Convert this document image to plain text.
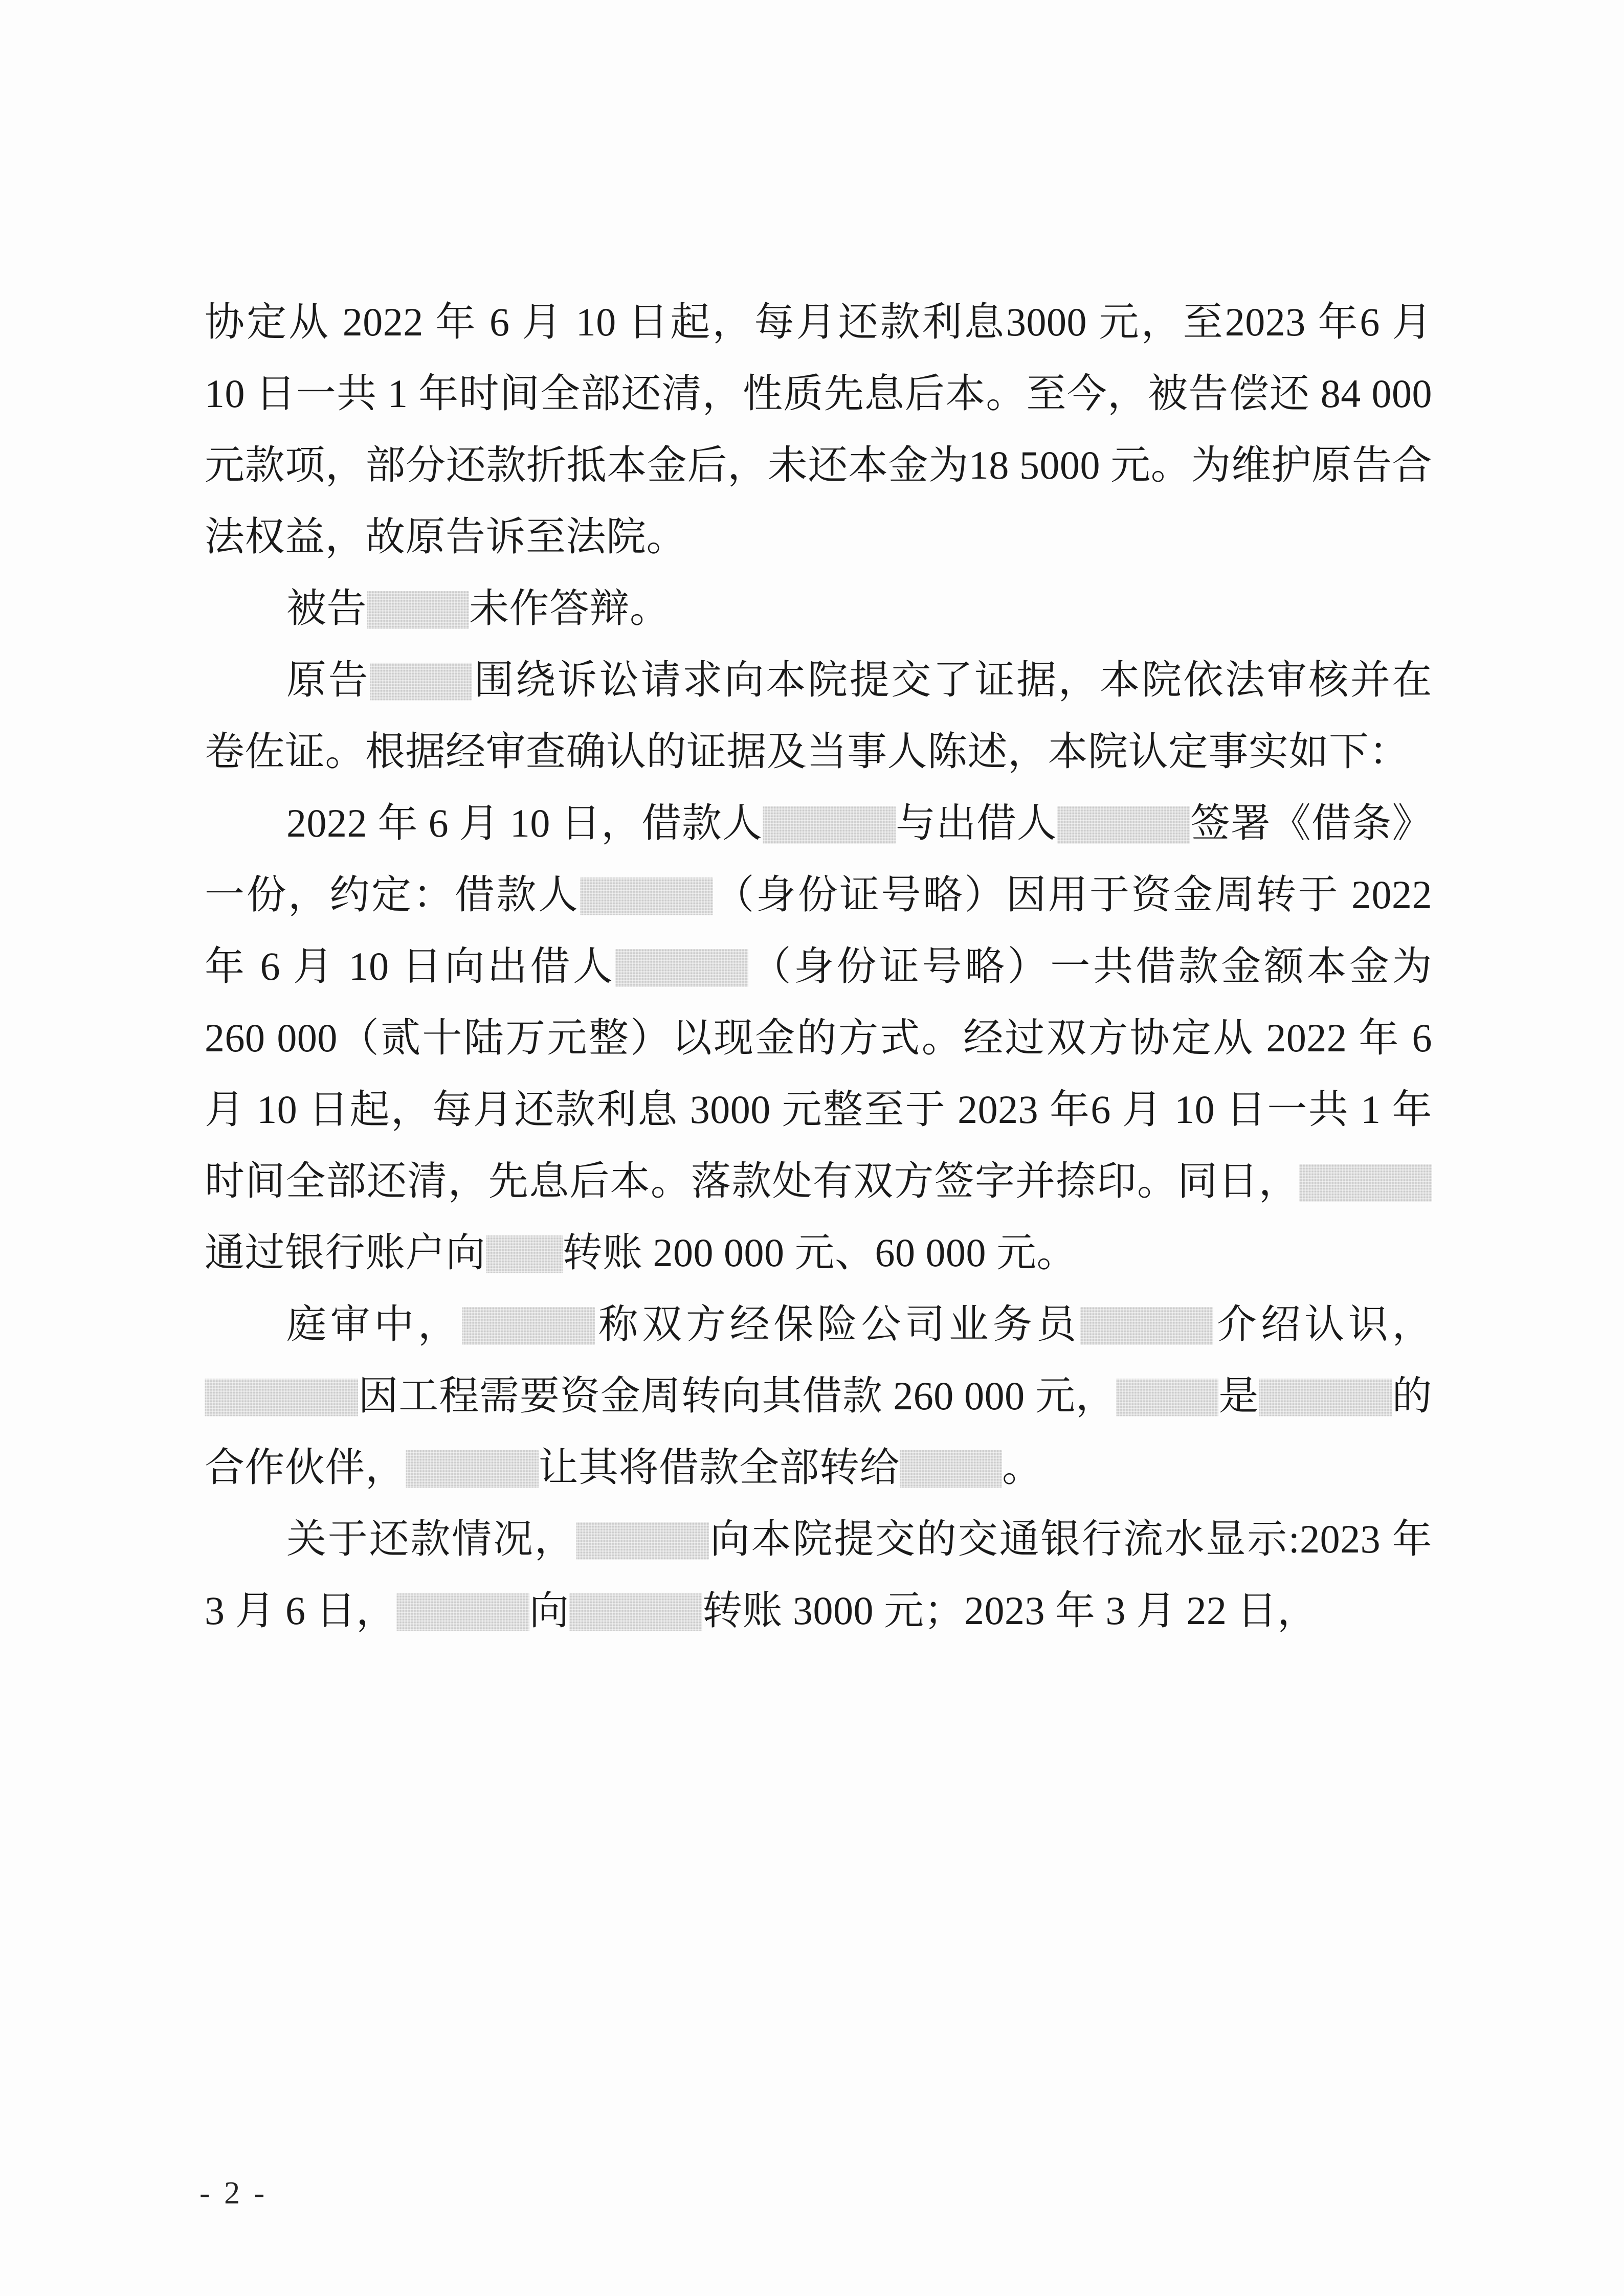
协定从 2022 年 6 月 10 日起，每月还款利息3000 元，至2023 年6 月 10 日一共 1 年时间全部还清，性质先息后本。至今，被告偿还 84 000 元款项，部分还款折抵本金后，未还本金为18 5000 元。为维护原告合法权益，故原告诉至法院。

被告	未作答辩。

原告	围绕诉讼请求向本院提交了证据，本院依法审核并在卷佐证。根据经审查确认的证据及当事人陈述，本院认定事实如下：

2022 年 6 月 10 日，借款人	与出借人	签署《借条》一份，约定：借款人	（身份证号略）因用于资金周转于 2022 年 6 月 10 日向出借人	（身份证号略）一共借款金额本金为 260 000（贰十陆万元整）以现金的方式。经过双方协定从 2022 年 6 月 10 日起，每月还款利息 3000 元整至于 2023 年6 月 10 日一共 1 年时间全部还清，先息后本。落款处有双方签字并捺印。同日，通过银行账户向 转账 200 000 元、60 000 元。

庭审中，	称双方经保险公司业务员	介绍认识，因工程需要资金周转向其借款 260 000 元，	是	的合作伙伴，	让其将借款全部转给	。

关于还款情况，	向本院提交的交通银行流水显示:2023 年 3 月 6 日，	向	转账 3000 元；2023 年 3 月 22 日，

- 2 -
